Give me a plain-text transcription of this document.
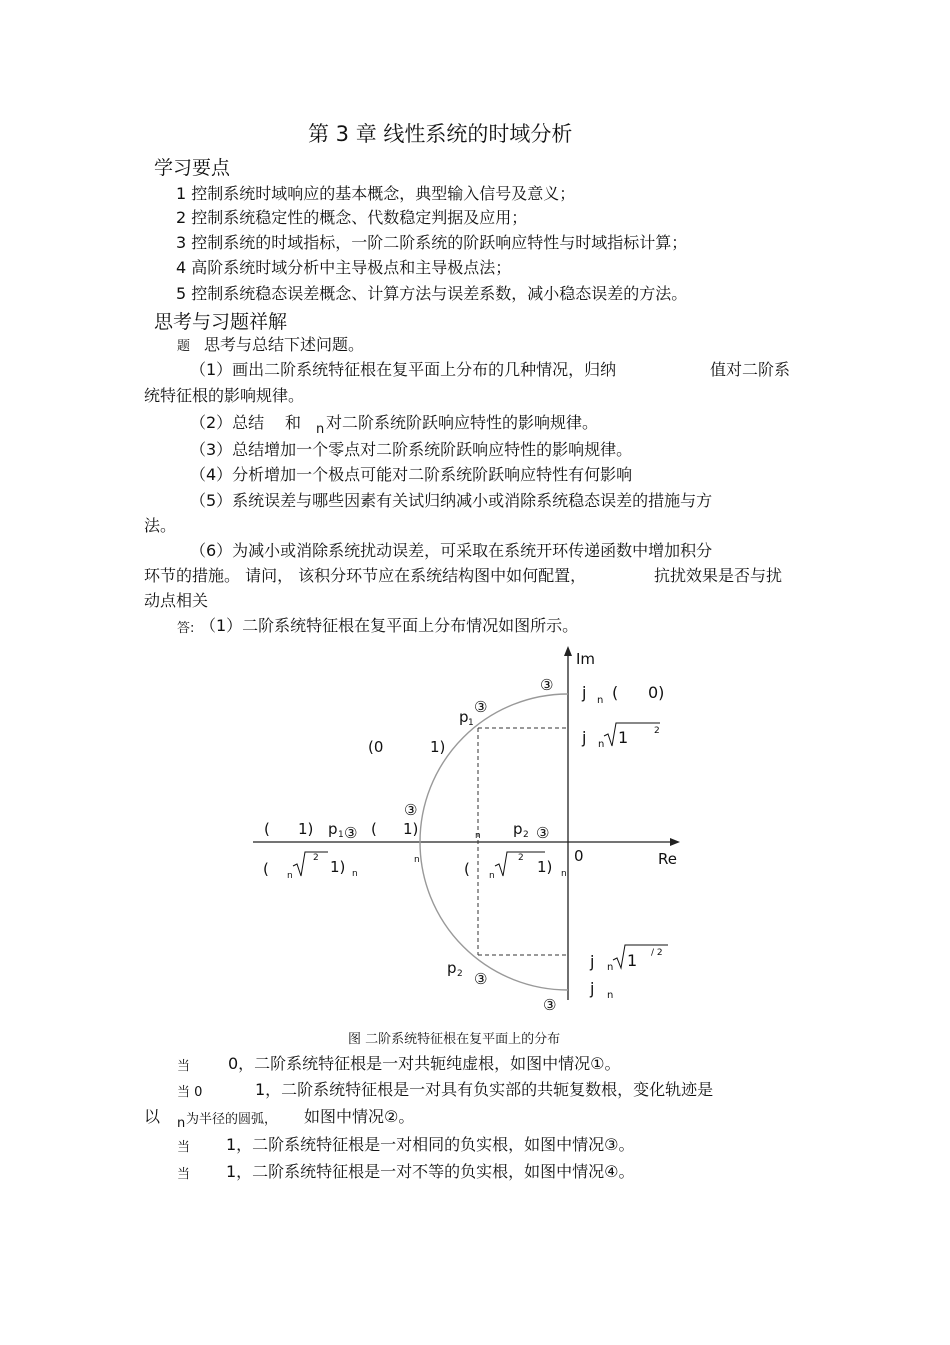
第 3 章 线性系统的时域分析
学习要点
1 控制系统时域响应的基本概念，典型输入信号及意义；
2 控制系统稳定性的概念、代数稳定判据及应用；
3 控制系统的时域指标，一阶二阶系统的阶跃响应特性与时域指标计算；
4 高阶系统时域分析中主导极点和主导极点法；
5 控制系统稳态误差概念、计算方法与误差系数，减小稳态误差的方法。
思考与习题祥解
题 思考与总结下述问题。
（1）画出二阶系统特征根在复平面上分布的几种情况，归纳	值对二阶系
统特征根的影响规律。
（2）总结 和 n 对二阶系统阶跃响应特性的影响规律。
（3）总结增加一个零点对二阶系统阶跃响应特性的影响规律。
（4）分析增加一个极点可能对二阶系统阶跃响应特性有何影响
（5）系统误差与哪些因素有关试归纳减小或消除系统稳态误差的措施与方
法。
（6）为减小或消除系统扰动误差，可采取在系统开环传递函数中增加积分
环节的措施。 请问， 该积分环节应在系统结构图中如何配置，	抗扰效果是否与扰
动点相关
答: （1）二阶系统特征根在复平面上分布情况如图所示。
Im
Re
0
③ j n ( 0)
p 1
③
j n 1	2
(0	1)
③
( 1) p 1 ③ ( 1)	n p 2 ③
( n
2 1) n
n	( n
2 1) n
p 2 ③
j n 1 / 2
j n
③
图 二阶系统特征根在复平面上的分布
当 0，二阶系统特征根是一对共轭纯虚根，如图中情况①。
当 0	1，二阶系统特征根是一对具有负实部的共轭复数根，变化轨迹是
以 n 为半径的圆弧， 如图中情况②。
当 1，二阶系统特征根是一对相同的负实根，如图中情况③。
当 1，二阶系统特征根是一对不等的负实根，如图中情况④。
